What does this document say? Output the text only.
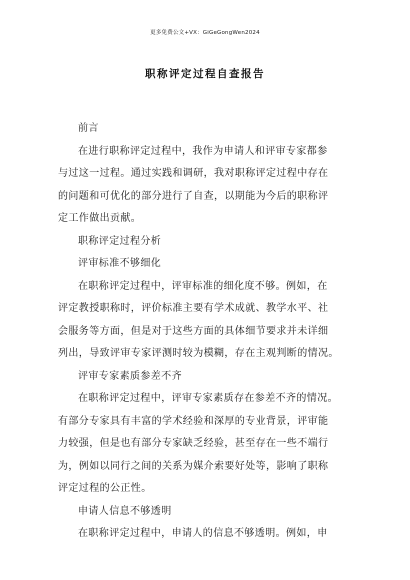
更多免费公文+VX：GiGeGongWen2024
职称评定过程自查报告
前言
在进行职称评定过程中，我作为申请人和评审专家都参
与过这一过程。通过实践和调研，我对职称评定过程中存在
的问题和可优化的部分进行了自查，以期能为今后的职称评
定工作做出贡献。
职称评定过程分析
评审标准不够细化
在职称评定过程中，评审标准的细化度不够。例如，在
评定教授职称时，评价标准主要有学术成就、教学水平、社
会服务等方面，但是对于这些方面的具体细节要求并未详细
列出，导致评审专家评测时较为模糊，存在主观判断的情况。
评审专家素质参差不齐
在职称评定过程中，评审专家素质存在参差不齐的情况。
有部分专家具有丰富的学术经验和深厚的专业背景，评审能
力较强，但是也有部分专家缺乏经验，甚至存在一些不端行
为，例如以同行之间的关系为媒介索要好处等，影响了职称
评定过程的公正性。
申请人信息不够透明
在职称评定过程中，申请人的信息不够透明。例如，申
